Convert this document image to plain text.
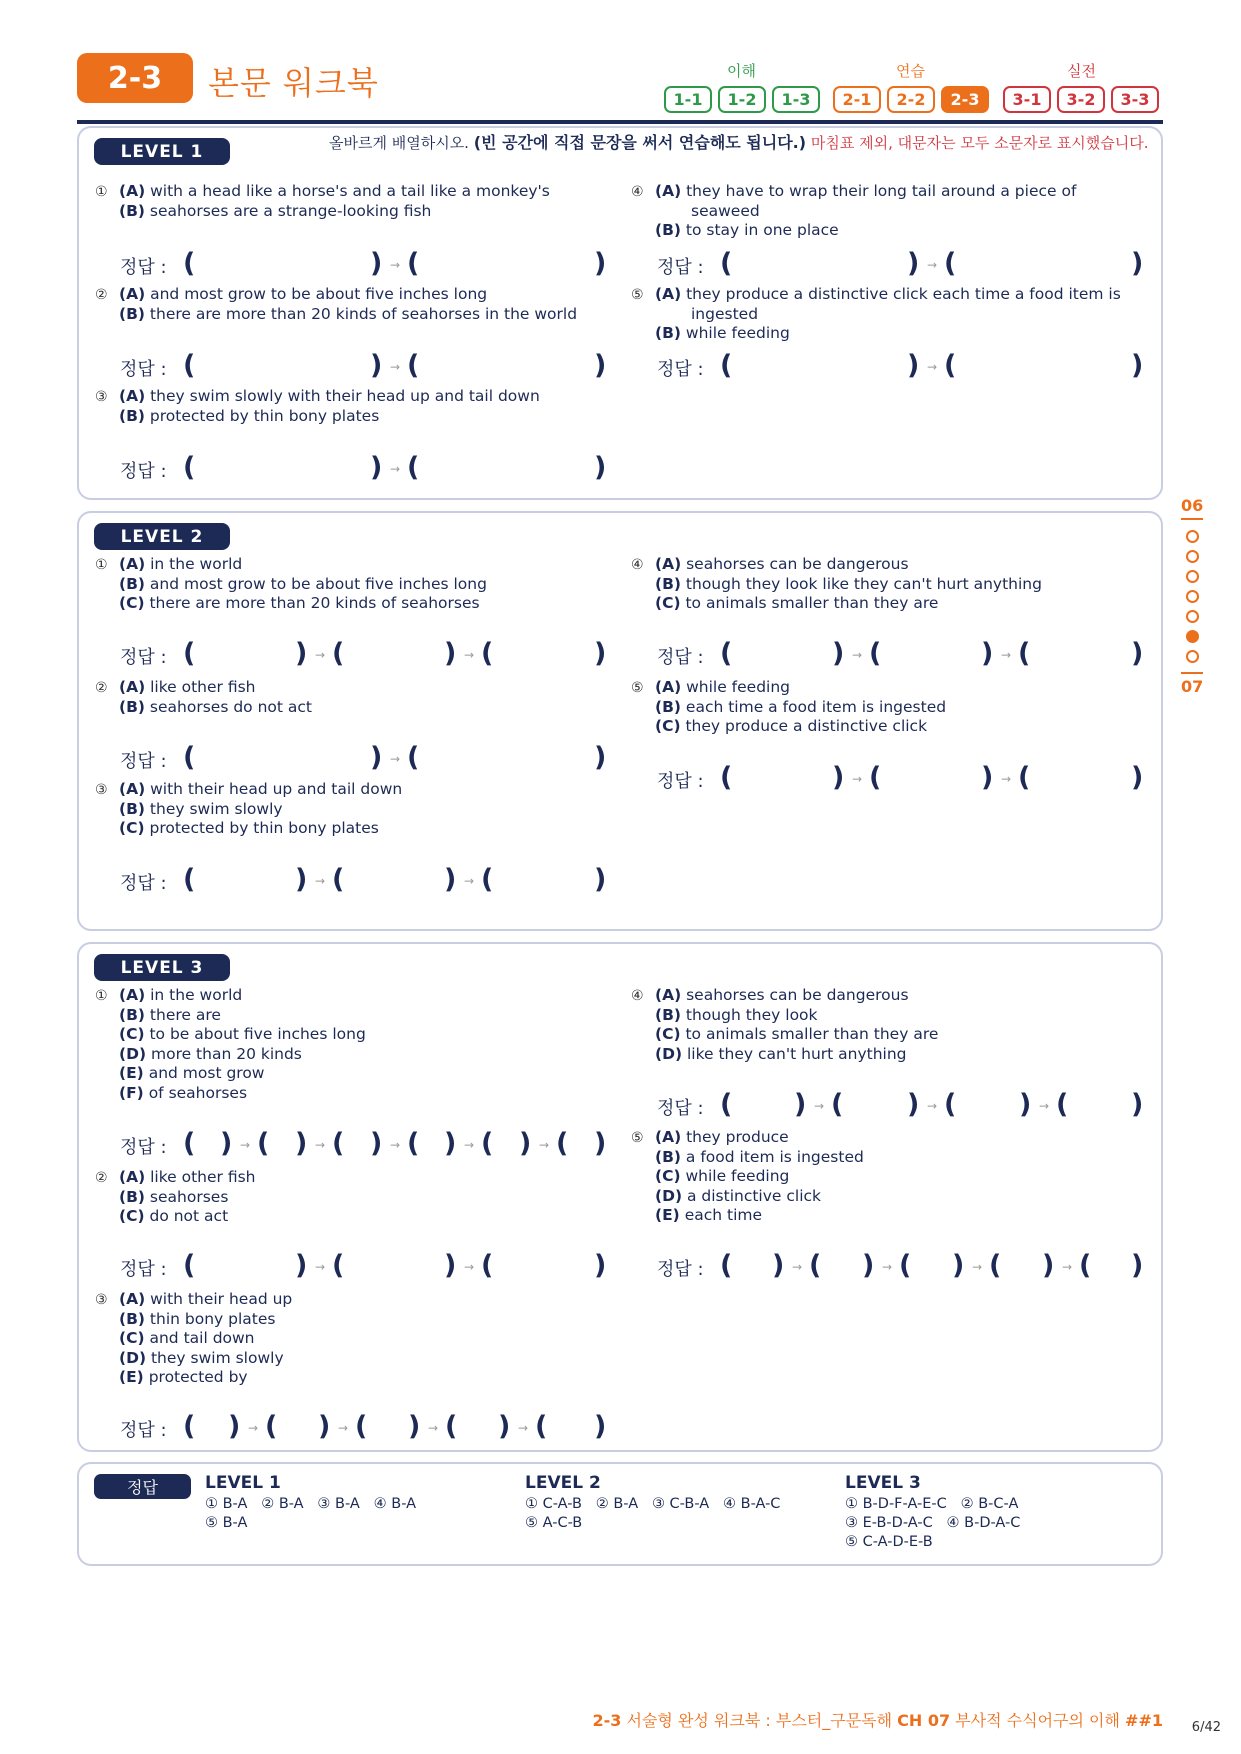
2-3	본문 워크북	이해	연습	실전
1-1	1-2	1-3	2-1	2-2	2-3	3-1	3-2	3-3
LEVEL 1	올바르게 배열하시오. (빈 공간에 직접 문장을 써서 연습해도 됩니다.) 마침표 제외, 대문자는 모두 소문자로 표시했습니다.
① (A) with a head like a horse's and a tail like a monkey's
(B) seahorses are a strange-looking fish
정답 : (	) → (	)
② (A) and most grow to be about five inches long
(B) there are more than 20 kinds of seahorses in the world
정답 : (	) → (	)
③ (A) they swim slowly with their head up and tail down
(B) protected by thin bony plates
정답 : (	) → (	)
④ (A) they have to wrap their long tail around a piece of
seaweed
(B) to stay in one place
정답 : (	) → (	)
⑤ (A) they produce a distinctive click each time a food item is
ingested
(B) while feeding
정답 : (	) → (	)
LEVEL 2
① (A) in the world
(B) and most grow to be about five inches long
(C) there are more than 20 kinds of seahorses
정답 : (	) → (	) → (	)
② (A) like other fish
(B) seahorses do not act
정답 : (	) → (	)
③ (A) with their head up and tail down
(B) they swim slowly
(C) protected by thin bony plates
정답 : (	) → (	) → (	)
④ (A) seahorses can be dangerous
(B) though they look like they can't hurt anything
(C) to animals smaller than they are
정답 : (	) → (	) → (	)
⑤ (A) while feeding
(B) each time a food item is ingested
(C) they produce a distinctive click
정답 : (	) → (	) → (	)
LEVEL 3
① (A) in the world
(B) there are
(C) to be about five inches long
(D) more than 20 kinds
(E) and most grow
(F) of seahorses
정답 : ( ) → ( ) → ( ) → ( ) → ( ) → ( )
② (A) like other fish
(B) seahorses
(C) do not act
정답 : (	) → (	) → (	)
③ (A) with their head up
(B) thin bony plates
(C) and tail down
(D) they swim slowly
(E) protected by
정답 : ( ) → ( ) → ( ) → ( ) → ( )
④ (A) seahorses can be dangerous
(B) though they look
(C) to animals smaller than they are
(D) like they can't hurt anything
정답 : ( ) → ( ) → ( ) → ( )
⑤ (A) they produce
(B) a food item is ingested
(C) while feeding
(D) a distinctive click
(E) each time
정답 : ( ) → ( ) → ( ) → ( ) → ( )
정답	LEVEL 1
① B-A   ② B-A   ③ B-A   ④ B-A
⑤ B-A
LEVEL 2
① C-A-B   ② B-A   ③ C-B-A   ④ B-A-C
⑤ A-C-B
LEVEL 3
① B-D-F-A-E-C   ② B-C-A
③ E-B-D-A-C   ④ B-D-A-C
⑤ C-A-D-E-B
06
07
2-3 서술형 완성 워크북 : 부스터_구문독해 CH 07 부사적 수식어구의 이해 ##1 6/42
